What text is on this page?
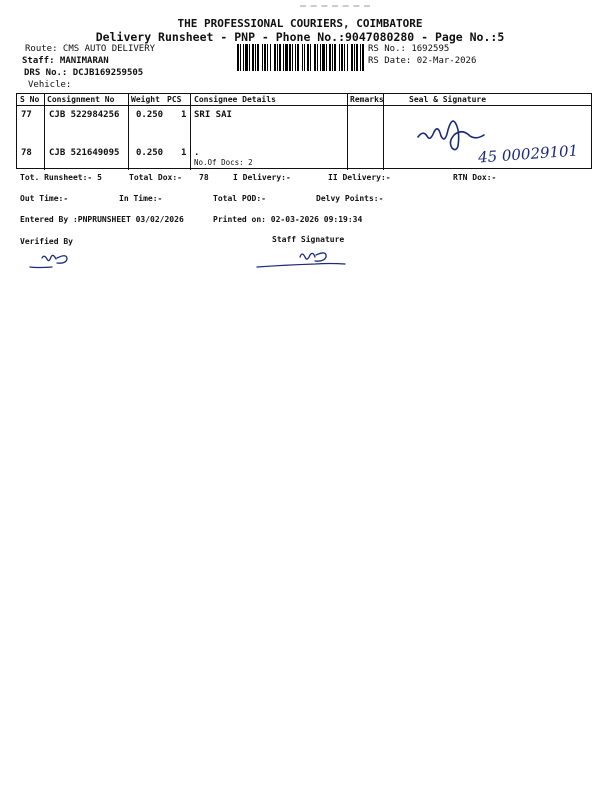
THE PROFESSIONAL COURIERS, COIMBATORE
Delivery Runsheet - PNP - Phone No.:9047080280 - Page No.:5
Route: CMS AUTO DELIVERY
Staff: MANIMARAN
DRS No.: DCJB169259505
Vehicle:
RS No.: 1692595
RS Date: 02-Mar-2026
S No Consignment No Weight PCS Consignee Details	Remarks	Seal & Signature
77 CJB 522984256 0.250 1 SRI SAI
78 CJB 521649095 0.250 1 .
No.Of Docs: 2	45 00029101
Tot. Runsheet:- 5	Total Dox:- 78	I Delivery:-	II Delivery:-	RTN Dox:-
Out Time:-	In Time:-	Total POD:-	Delvy Points:-
Entered By :PNPRUNSHEET 03/02/2026	Printed on: 02-03-2026 09:19:34
Verified By	Staff Signature
